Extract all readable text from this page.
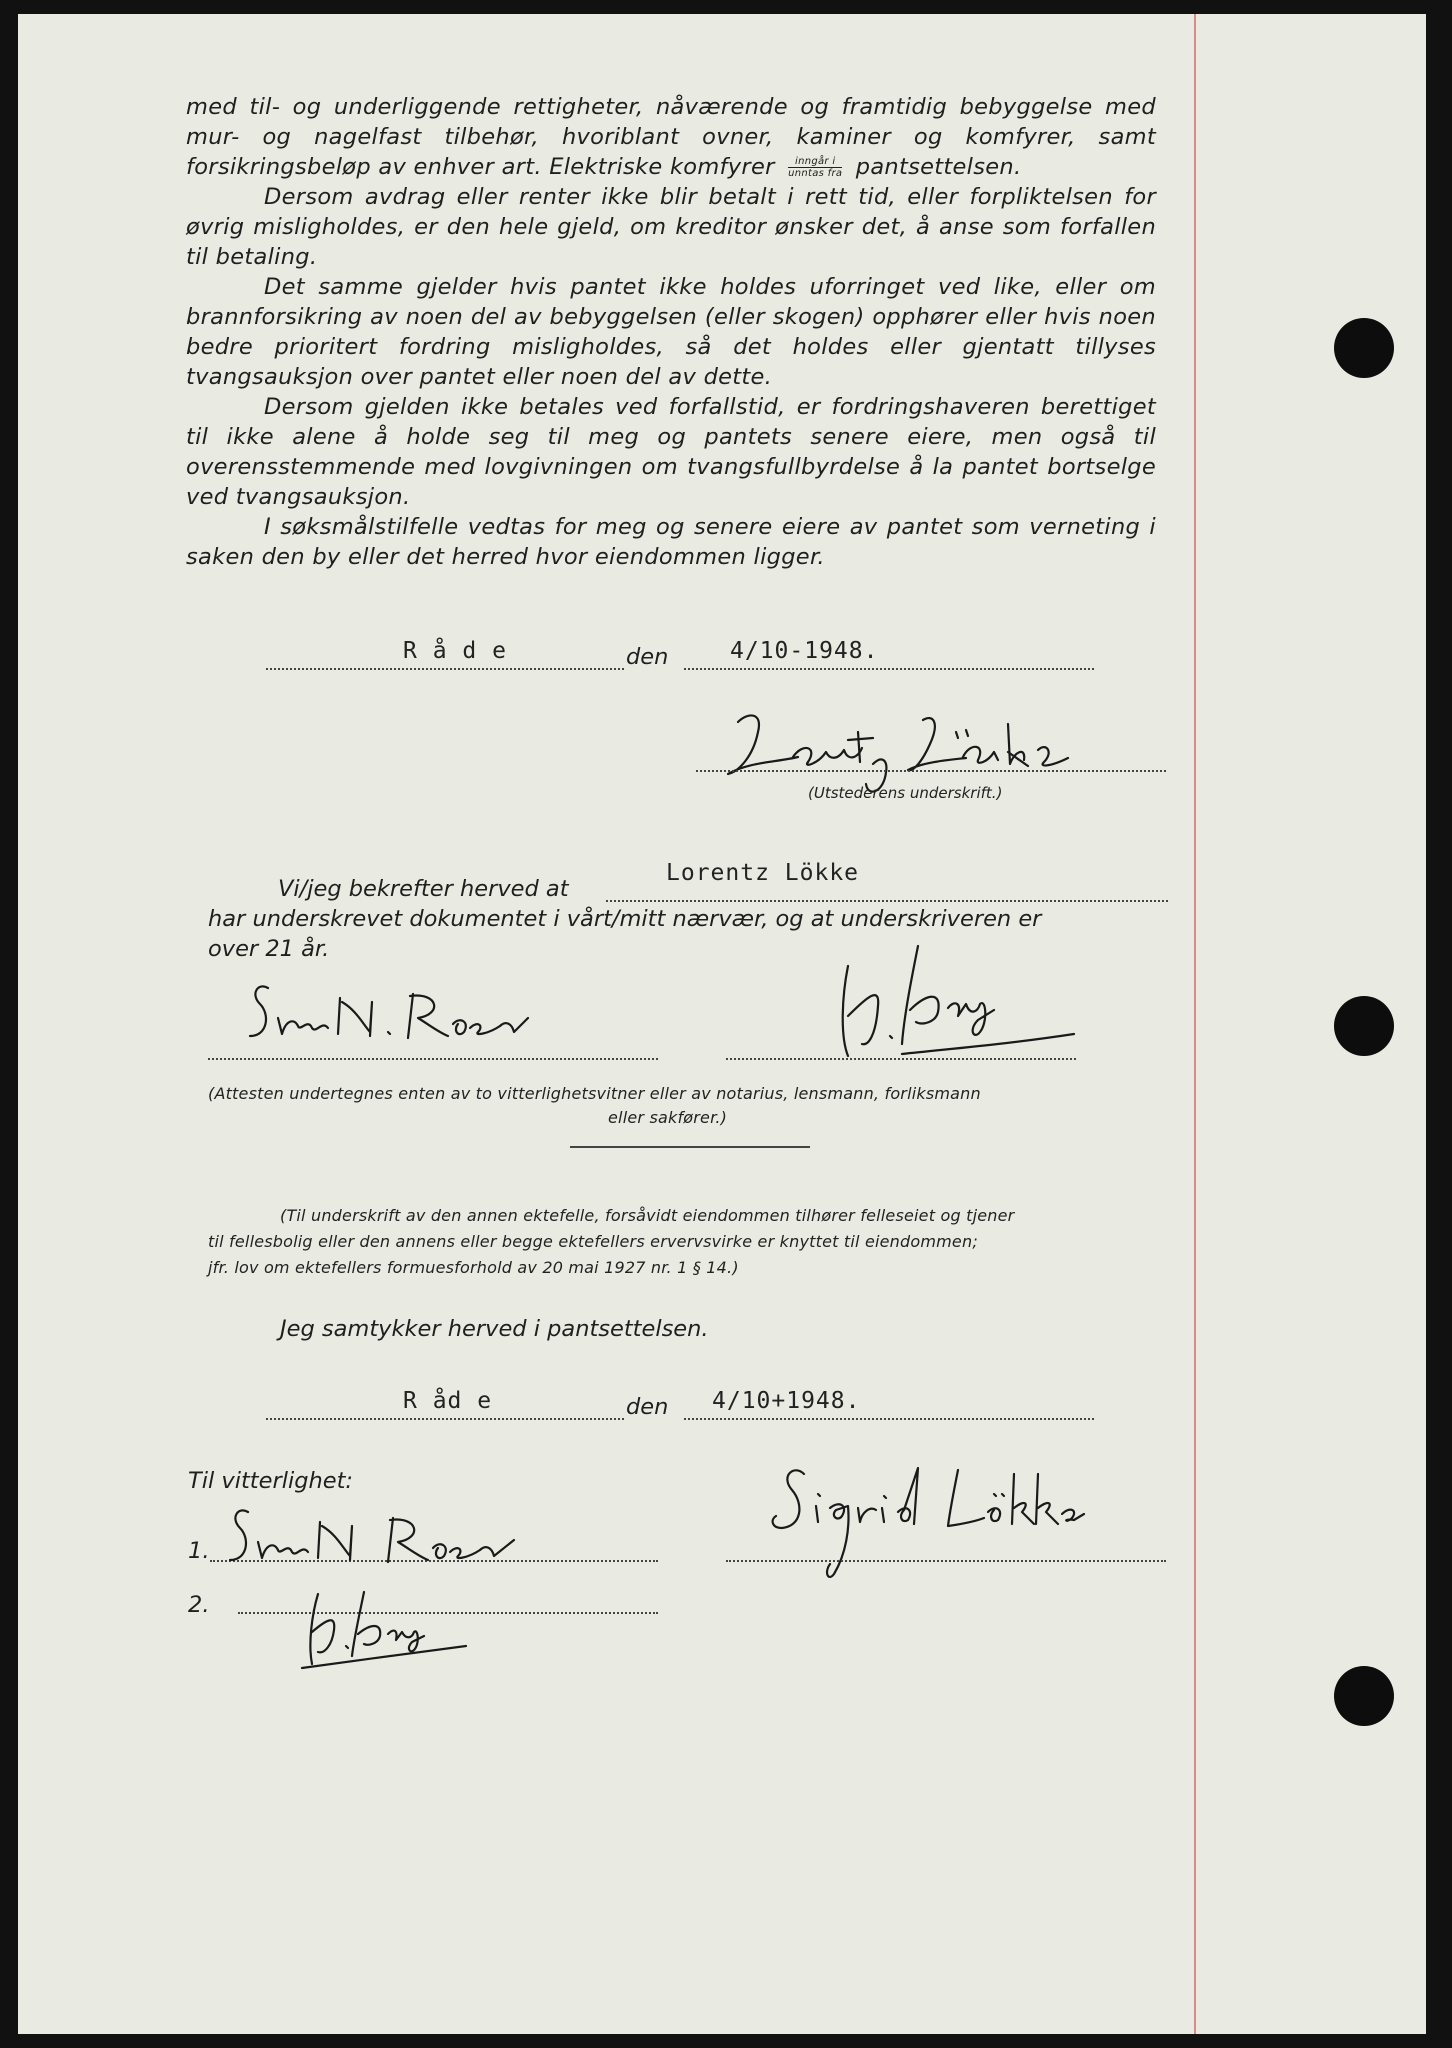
med til- og underliggende rettigheter, nåværende og framtidig bebyggelse med mur- og nagelfast tilbehør, hvoriblant ovner, kaminer og komfyrer, samt forsikringsbeløp av enhver art. Elektriske komfyrer $\frac{\text{inngår i}}{\text{unntas fra}}$ pantsettelsen.

Dersom avdrag eller renter ikke blir betalt i rett tid, eller forpliktelsen for øvrig misligholdes, er den hele gjeld, om kreditor ønsker det, å anse som forfallen til betaling.

Det samme gjelder hvis pantet ikke holdes uforringet ved like, eller om brannforsikring av noen del av bebyggelsen (eller skogen) opphører eller hvis noen bedre prioritert fordring misligholdes, så det holdes eller gjentatt tillyses tvangsauksjon over pantet eller noen del av dette.

Dersom gjelden ikke betales ved forfallstid, er fordringshaveren berettiget til ikke alene å holde seg til meg og pantets senere eiere, men også til overensstemmende med lovgivningen om tvangsfullbyrdelse å la pantet bortselge ved tvangsauksjon.

I søksmålstilfelle vedtas for meg og senere eiere av pantet som verneting i saken den by eller det herred hvor eiendommen ligger.

R å d e	den	4/10-1948.
(Utstederens underskrift.)
Vi/jeg bekrefter herved at
Lorentz Lökke
har underskrevet dokumentet i vårt/mitt nærvær, og at underskriveren er
over 21 år.
(Attesten undertegnes enten av to vitterlighetsvitner eller av notarius, lensmann, forliksmann
eller sakfører.)
(Til underskrift av den annen ektefelle, forsåvidt eiendommen tilhører felleseiet og tjener
til fellesbolig eller den annens eller begge ektefellers ervervsvirke er knyttet til eiendommen;
jfr. lov om ektefellers formuesforhold av 20 mai 1927 nr. 1 § 14.)
Jeg samtykker herved i pantsettelsen.
R åd e	den 4/10+1948.
Til vitterlighet:
1.
2.
